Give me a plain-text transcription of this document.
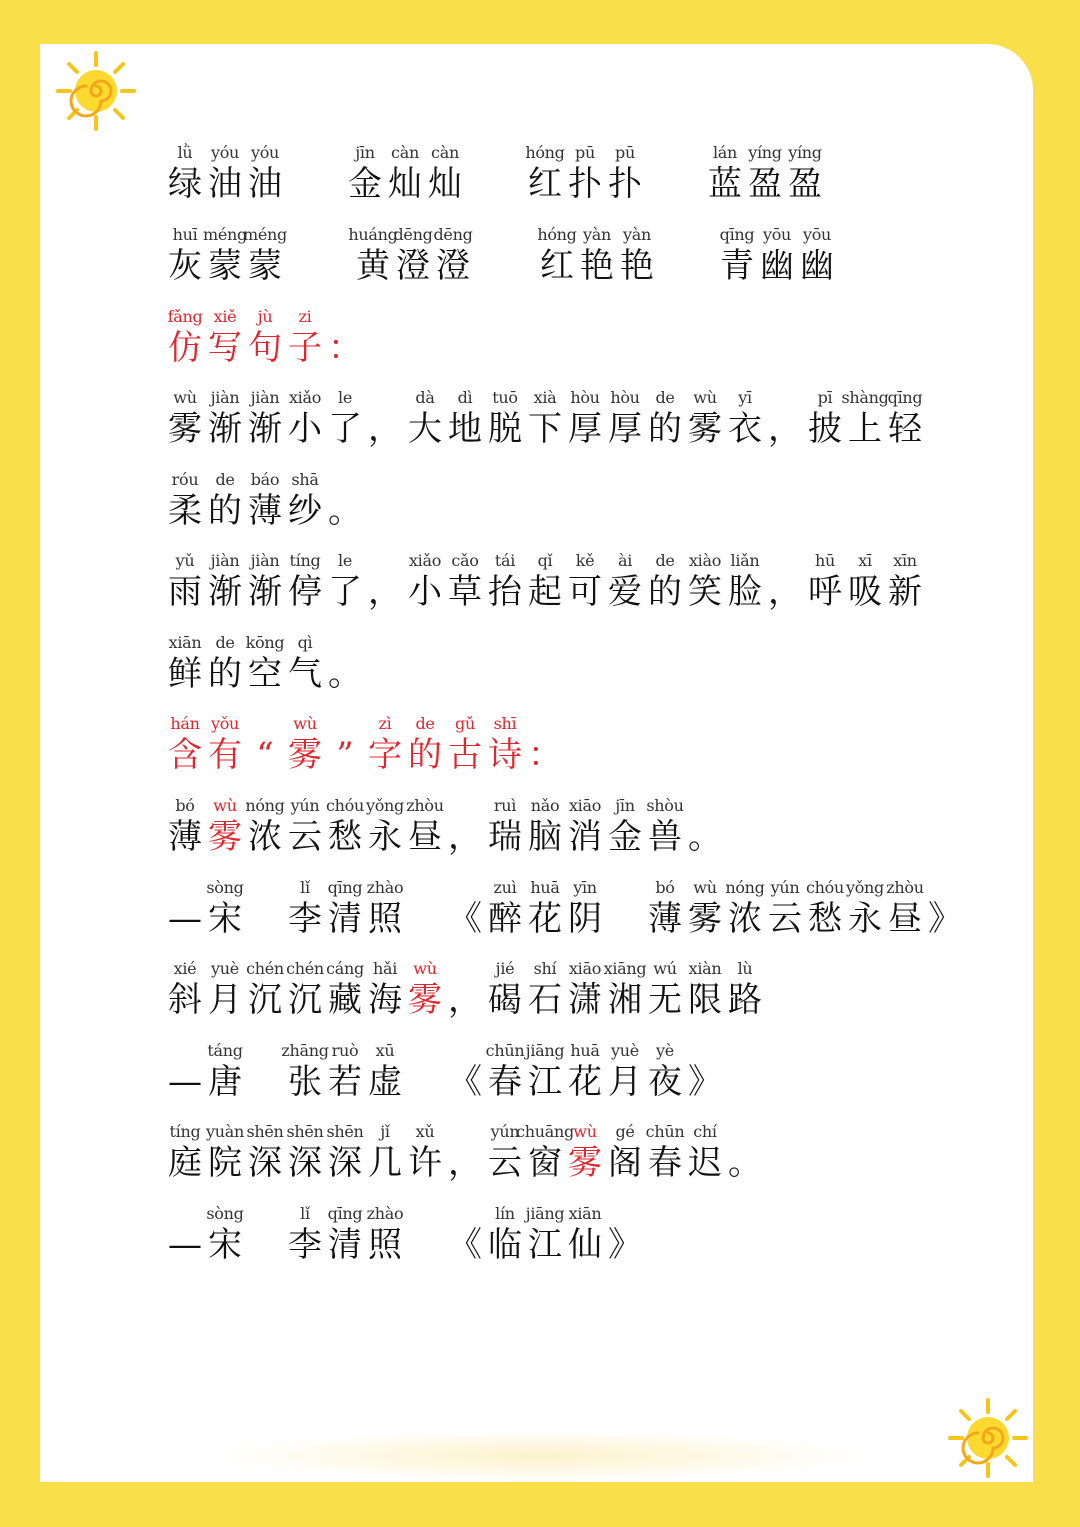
lǜ
绿
yóu
油
yóu
油
jīn
金
càn
灿
càn
灿
hóng
红
pū
扑
pū
扑
lán
蓝
yíng
盈
yíng
盈
huī
灰
méng
蒙
méng
蒙
huáng
黄
dēng
澄
dēng
澄
hóng
红
yàn
艳
yàn
艳
qīng
青
yōu
幽
yōu
幽
fǎng
仿
xiě
写
jù
句
zi
子 ：
wù
雾
jiàn
渐
jiàn
渐
xiǎo
小
le
了 ，
dà
大
dì
地
tuō
脱
xià
下
hòu
厚
hòu
厚
de
的
wù
雾
yī
衣 ，
pī
披
shàng
上
qīng
轻
róu
柔
de
的
báo
薄
shā
纱 。
yǔ
雨
jiàn
渐
jiàn
渐
tíng
停
le
了 ，
xiǎo
小
cǎo
草
tái
抬
qǐ
起
kě
可
ài
爱
de
的
xiào
笑
liǎn
脸 ，
hū
呼
xī
吸
xīn
新
xiān
鲜
de
的
kōng
空
qì
气 。
hán
含
yǒu
有 “
wù
雾 ”
zì
字
de
的
gǔ
古
shī
诗 ：
bó
薄
wù
雾
nóng
浓
yún
云
chóu
愁
yǒng
永
zhòu
昼 ，
ruì
瑞
nǎo
脑
xiāo
消
jīn
金
shòu
兽 。
—
sòng
宋
lǐ
李
qīng
清
zhào
照 《
zuì
醉
huā
花
yīn
阴
bó
薄
wù
雾
nóng
浓
yún
云
chóu
愁
yǒng
永
zhòu
昼 》
xié
斜
yuè
月
chén
沉
chén
沉
cáng
藏
hǎi
海
wù
雾 ，
jié
碣
shí
石
xiāo
潇
xiāng
湘
wú
无
xiàn
限
lù
路
—
táng
唐
zhāng
张
ruò
若
xū
虚 《
chūn
春
jiāng
江
huā
花
yuè
月
yè
夜 》
tíng
庭
yuàn
院
shēn
深
shēn
深
shēn
深
jǐ
几
xǔ
许 ，
yún
云
chuāng
窗
wù
雾
gé
阁
chūn
春
chí
迟 。
—
sòng
宋
lǐ
李
qīng
清
zhào
照 《
lín
临
jiāng
江
xiān
仙 》
